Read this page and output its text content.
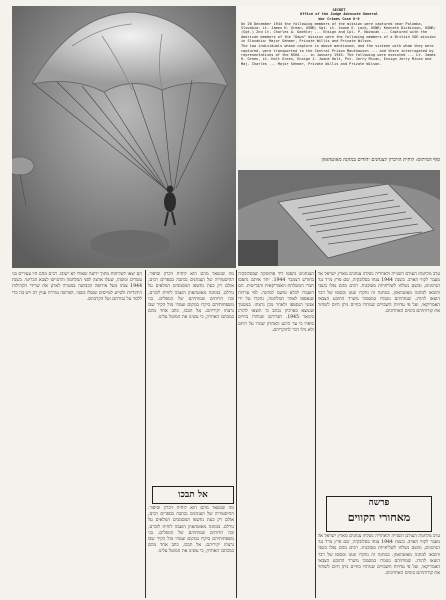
SECRET
Office of the Judge Advocate General
War Crimes Case 8-9

On 26 December 1944 the following members of the mission were captured near Polomka, Slovakia: Lt. James H. Green, USNR; Sgt. Lt. Joane E. Lock, USNR; Kenneth Dickinson, USNR; (Sgt.) 2nd Lt. Charles A. Daehle; ... Ensign and Cpl. P. Novacak ... Captured with the American members of the "Dawn" mission were the following members of a British SOE mission in Slovakia: Major Sehmer, Private Willis and Private Wilson.

The two individuals whose capture is above mentioned, and the sixteen with whom they were captured, were transported to the Central Prison Mauthausen ... and there interrogated by representatives of the RSHA ... in January 1945. The following were executed ... Lt. James R. Green, Lt. Holt Green, Ensign J. Joane Holt, Pvt. Jerry Mican, Ensign Jerry Mican and Maj. Charles ... Major Sehmer, Private Willis and Private Wilson.

סוף המיתוס: לוחית הזיכרון לצנחנים יהודים במחנה מאוטהאוזן

ערב מלחמת העולם השנייה ולאחריה נשלחו צנחנים מארץ ישראל אל מעבר לקווי האויב. בשנת 1944 צנחו בסלובקיה, שם פרץ מרד נגד הגרמנים, ומשם נשלחו לשליחויות מסוכנות. רבים מהם נפלו בשבי והובאו למחנה מאוטהאוזן. במחנה זה נחקרו ועונו ובסופו של דבר הוצאו להורג. שמותיהם נשמרו במסמכי משרד התובע הצבאי האמריקאי, ועל פי עדויות השבויים שנותרו בחיים ניתן היום לשחזר את קורותיהם בימים האחרונים.

הצנחנים נתפסו ליד פולומקה שבסלובקיה בחודש דצמבר 1944. יחד איתם נתפסו חברי המשלחת האמריקאית והבריטית. הם הועברו לכלא ומשם למחנה. לפי עדויות שנאספו לאחר המלחמה, נחקרו על ידי אנשי הגסטפו ולאחר מכן נרצחו. במסמך שנמצא בארכיון נכתב כי הוצאו להורג בינואר 1945. חבריהם שנותרו בחיים סיפרו כי עד הרגע האחרון שמרו על רוחם ולא גילו דבר לחוקריהם.

מה שנשאר מהם הוא לוחית זיכרון וסיפור. ההיסטוריה של הצנחנים נכתבה בספרים רבים, אולם רק כעת נחשפו המסמכים המלאים על גורלם. במחנה מאוטהאוזן הוצבה לוחית לזכרם, ובה חרותים שמותיהם של הנופלים. בני משפחותיהם ביקרו במקום ועמדו מול הקיר שבו נרצחו יקיריהם. אל תבכו, כתב אחד מהם במכתבו האחרון, כי עשינו את המוטל עלינו.

הם יצאו לשליחות מתוך ידיעה שאולי לא ישובו. רבים מהם היו צעירים בני עשרים ומשהו, שעלו ארצה לפני המלחמה והתגייסו לצבא הבריטי. בשנת 1944 צנחו מעל אירופה הכבושה במטרה לארגן את שרידי הקהילות היהודיות ולסייע לטייסים שנפלו בשבי. הפרשה עוררה עניין רב ויש בה כדי ללמד על גבורתם ועל הקרבתם.

פרשה
מאחורי הקווים

ערב מלחמת העולם השנייה ולאחריה נשלחו צנחנים מארץ ישראל אל מעבר לקווי האויב. בשנת 1944 צנחו בסלובקיה, שם פרץ מרד נגד הגרמנים, ומשם נשלחו לשליחויות מסוכנות. רבים מהם נפלו בשבי והובאו למחנה מאוטהאוזן. במחנה זה נחקרו ועונו ובסופו של דבר הוצאו להורג. שמותיהם נשמרו במסמכי משרד התובע הצבאי האמריקאי, ועל פי עדויות השבויים שנותרו בחיים ניתן היום לשחזר את קורותיהם בימים האחרונים.

אל תבכו

מה שנשאר מהם הוא לוחית זיכרון וסיפור. ההיסטוריה של הצנחנים נכתבה בספרים רבים, אולם רק כעת נחשפו המסמכים המלאים על גורלם. במחנה מאוטהאוזן הוצבה לוחית לזכרם, ובה חרותים שמותיהם של הנופלים. בני משפחותיהם ביקרו במקום ועמדו מול הקיר שבו נרצחו יקיריהם. אל תבכו, כתב אחד מהם במכתבו האחרון, כי עשינו את המוטל עלינו.
